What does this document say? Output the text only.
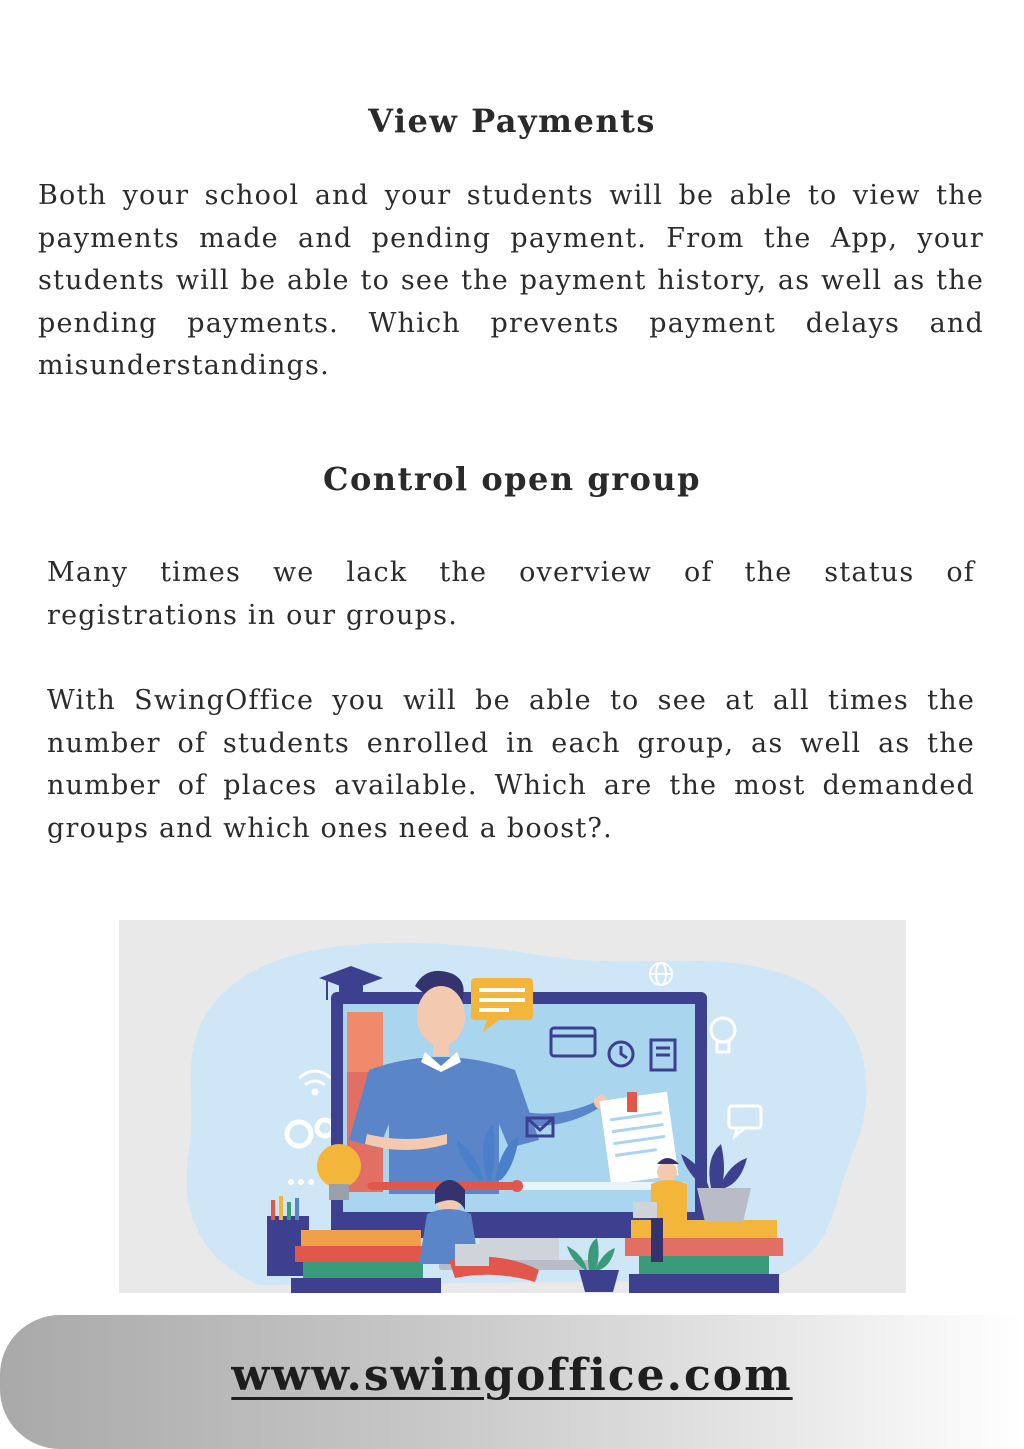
View Payments

Both your school and your students will be able to view the payments made and pending payment. From the App, your students will be able to see the payment history, as well as the pending payments. Which prevents payment delays and misunderstandings.

Control open group

Many times we lack the overview of the status of registrations in our groups.

With SwingOffice you will be able to see at all times the number of students enrolled in each group, as well as the number of places available. Which are the most demanded groups and which ones need a boost?.

www.swingoffice.com
